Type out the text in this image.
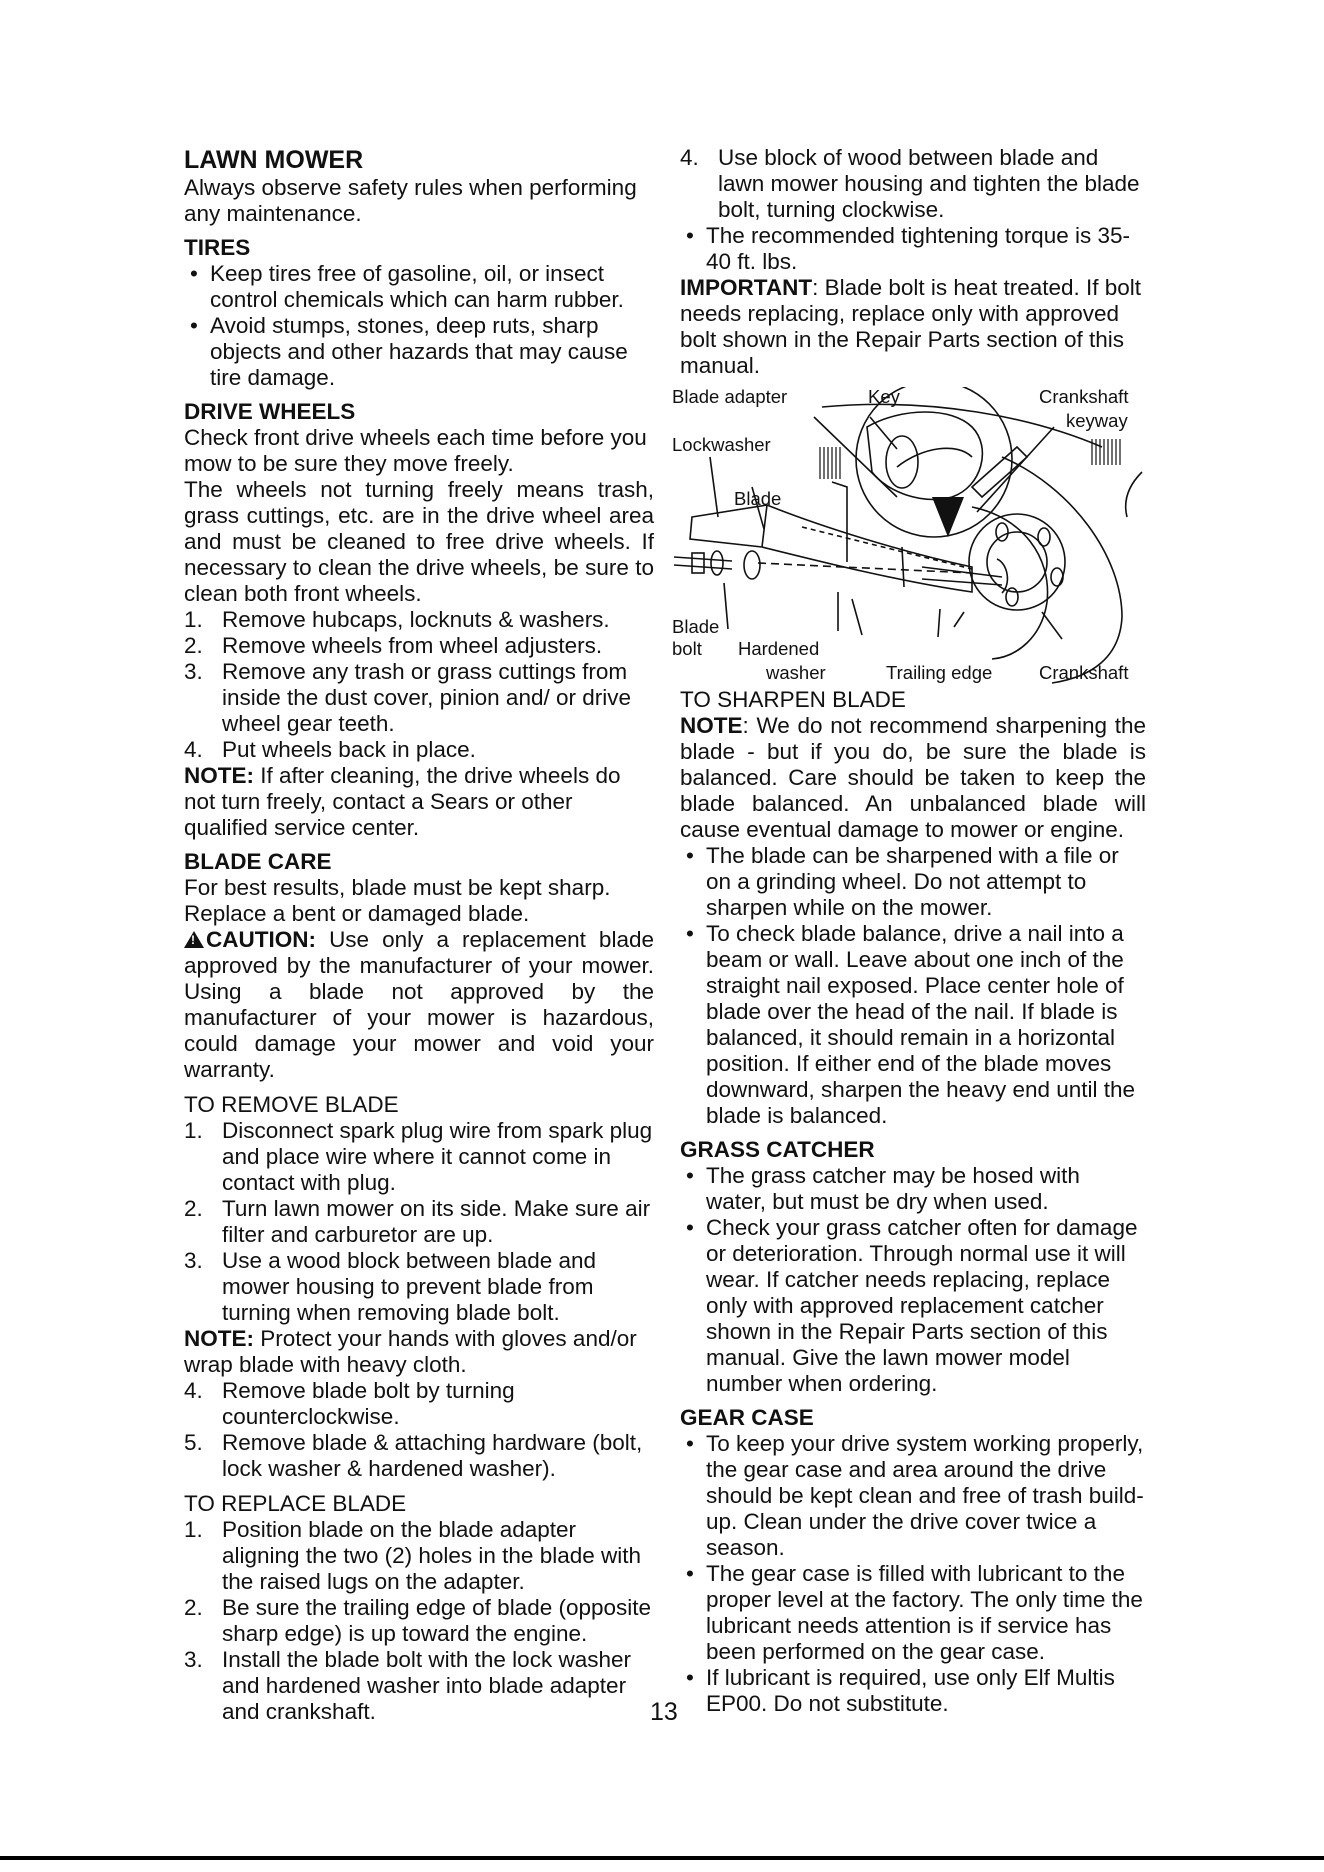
LAWN MOWER

Always observe safety rules when performing any maintenance.

TIRES
• Keep tires free of gasoline, oil, or insect control chemicals which can harm rubber.
• Avoid stumps, stones, deep ruts, sharp objects and other hazards that may cause tire damage.
DRIVE WHEELS

Check front drive wheels each time before you mow to be sure they move freely.

The wheels not turning freely means trash, grass cuttings, etc. are in the drive wheel area and must be cleaned to free drive wheels. If necessary to clean the drive wheels, be sure to clean both front wheels.

1. Remove hubcaps, locknuts & washers.
2. Remove wheels from wheel adjusters.
3. Remove any trash or grass cuttings from inside the dust cover, pinion and/ or drive wheel gear teeth.
4. Put wheels back in place.

NOTE: If after cleaning, the drive wheels do not turn freely, contact a Sears or other qualified service center.

BLADE CARE

For best results, blade must be kept sharp. Replace a bent or damaged blade.

!CAUTION: Use only a replacement blade approved by the manufacturer of your mower. Using a blade not approved by the manufacturer of your mower is hazardous, could damage your mower and void your warranty.

TO REMOVE BLADE

1. Disconnect spark plug wire from spark plug and place wire where it cannot come in contact with plug.
2. Turn lawn mower on its side. Make sure air filter and carburetor are up.
3. Use a wood block between blade and mower housing to prevent blade from turning when removing blade bolt.

NOTE: Protect your hands with gloves and/or wrap blade with heavy cloth.

4. Remove blade bolt by turning counterclockwise.
5. Remove blade & attaching hardware (bolt, lock washer & hardened washer).

TO REPLACE BLADE

1. Position blade on the blade adapter aligning the two (2) holes in the blade with the raised lugs on the adapter.
2. Be sure the trailing edge of blade (opposite sharp edge) is up toward the engine.
3. Install the blade bolt with the lock washer and hardened washer into blade adapter and crankshaft.
4. Use block of wood between blade and lawn mower housing and tighten the blade bolt, turning clockwise.
• The recommended tightening torque is 35-40 ft. lbs.

IMPORTANT: Blade bolt is heat treated. If bolt needs replacing, replace only with approved bolt shown in the Repair Parts section of this manual.

Blade adapter	Key	Crankshaft
keyway
Lockwasher
Blade
Blade
bolt Hardened
washer	Trailing edge	Crankshaft

TO SHARPEN BLADE

NOTE: We do not recommend sharpening the blade - but if you do, be sure the blade is balanced. Care should be taken to keep the blade balanced. An unbalanced blade will cause eventual damage to mower or engine.

• The blade can be sharpened with a file or on a grinding wheel. Do not attempt to sharpen while on the mower.
• To check blade balance, drive a nail into a beam or wall. Leave about one inch of the straight nail exposed. Place center hole of blade over the head of the nail. If blade is balanced, it should remain in a horizontal position. If either end of the blade moves downward, sharpen the heavy end until the blade is balanced.
GRASS CATCHER
• The grass catcher may be hosed with water, but must be dry when used.
• Check your grass catcher often for damage or deterioration. Through normal use it will wear. If catcher needs replacing, replace only with approved replacement catcher shown in the Repair Parts section of this manual. Give the lawn mower model number when ordering.
GEAR CASE
• To keep your drive system working properly, the gear case and area around the drive should be kept clean and free of trash build-up. Clean under the drive cover twice a season.
• The gear case is filled with lubricant to the proper level at the factory. The only time the lubricant needs attention is if service has been performed on the gear case.
• If lubricant is required, use only Elf Multis EP00. Do not substitute.
13
